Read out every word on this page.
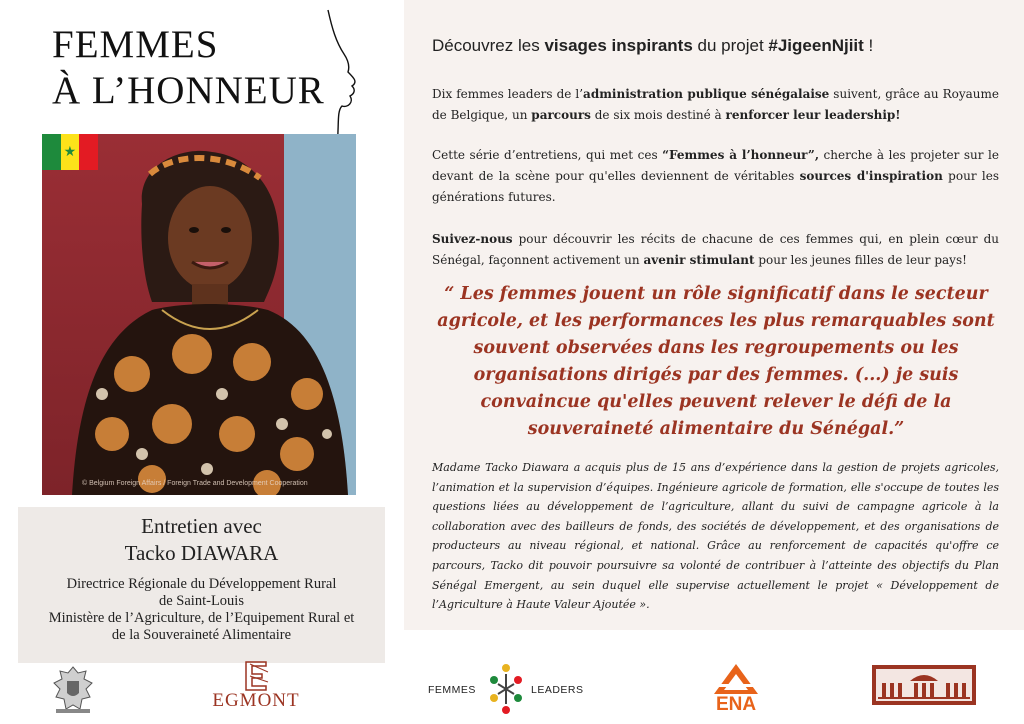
FEMMES
À L’HONNEUR
© Belgium Foreign Affairs / Foreign Trade and Development Cooperation
★
Entretien avec
Tacko DIAWARA
Directrice Régionale du Développement Rural
de Saint-Louis
Ministère de l’Agriculture, de l’Equipement Rural et
de la Souveraineté Alimentaire
Découvrez les visages inspirants du projet #JigeenNjiit !

Dix femmes leaders de l’administration publique sénégalaise suivent, grâce au Royaume de Belgique, un parcours de six mois destiné à renforcer leur leadership!

Cette série d’entretiens, qui met ces “Femmes à l’honneur”, cherche à les projeter sur le devant de la scène pour qu'elles deviennent de véritables sources d'inspiration pour les générations futures.

Suivez-nous pour découvrir les récits de chacune de ces femmes qui, en plein cœur du Sénégal, façonnent activement un avenir stimulant pour les jeunes filles de leur pays!

“ Les femmes jouent un rôle significatif dans le secteur agricole, et les performances les plus remarquables sont souvent observées dans les regroupements ou les organisations dirigés par des femmes. (...) je suis convaincue qu'elles peuvent relever le défi de la souveraineté alimentaire du Sénégal.”

Madame Tacko Diawara a acquis plus de 15 ans d’expérience dans la gestion de projets agricoles, l’animation et la supervision d’équipes. Ingénieure agricole de formation, elle s'occupe de toutes les questions liées au développement de l’agriculture, allant du suivi de campagne agricole à la collaboration avec des bailleurs de fonds, des sociétés de développement, et des organisations de producteurs au niveau régional, et national. Grâce au renforcement de capacités qu'offre ce parcours, Tacko dit pouvoir poursuivre sa volonté de contribuer à l’atteinte des objectifs du Plan Sénégal Emergent, au sein duquel elle supervise actuellement le projet « Développement de l’Agriculture à Haute Valeur Ajoutée ».

EGMONT	FEMMES	LEADERS
ENA
